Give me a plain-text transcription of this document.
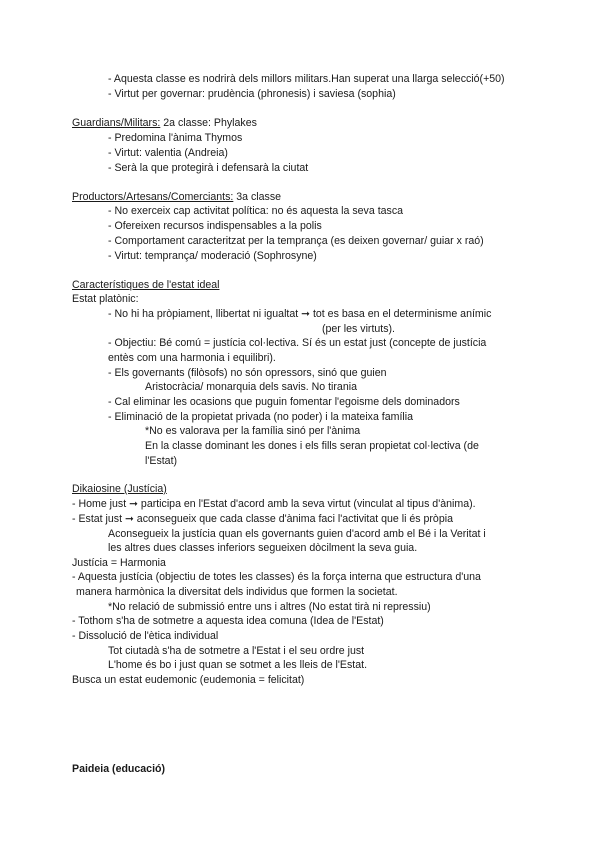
- Aquesta classe es nodrirà dels millors militars.Han superat una llarga selecció(+50)
- Virtut per governar: prudència (phronesis) i saviesa (sophia)
Guardians/Militars: 2a classe: Phylakes
- Predomina l'ànima Thymos
- Virtut: valentia (Andreia)
- Serà la que protegirà i defensarà la ciutat
Productors/Artesans/Comerciants: 3a classe
- No exerceix cap activitat política: no és aquesta la seva tasca
- Ofereixen recursos indispensables a la polis
- Comportament caracteritzat per la temprança (es deixen governar/ guiar x raó)
- Virtut: temprança/ moderació (Sophrosyne)
Característiques de l'estat ideal
Estat platònic:
- No hi ha pròpiament, llibertat ni igualtat ➞ tot es basa en el determinisme anímic
(per les virtuts).
- Objectiu: Bé comú = justícia col·lectiva. Sí és un estat just (concepte de justícia
entès com una harmonia i equilibri).
- Els governants (filòsofs) no són opressors, sinó que guien
Aristocràcia/ monarquia dels savis. No tirania
- Cal eliminar les ocasions que puguin fomentar l'egoisme dels dominadors
- Eliminació de la propietat privada (no poder) i la mateixa família
*No es valorava per la família sinó per l'ànima
En la classe dominant les dones i els fills seran propietat col·lectiva (de
l'Estat)
Dikaiosine (Justícia)
- Home just ➞ participa en l'Estat d'acord amb la seva virtut (vinculat al tipus d'ànima).
- Estat just ➞ aconsegueix que cada classe d'ànima faci l'activitat que li és pròpia
Aconsegueix la justícia quan els governants guien d'acord amb el Bé i la Veritat i
les altres dues classes inferiors segueixen dòcilment la seva guia.
Justícia = Harmonia
- Aquesta justícia (objectiu de totes les classes) és la força interna que estructura d'una
manera harmònica la diversitat dels individus que formen la societat.
*No relació de submissió entre uns i altres (No estat tirà ni repressiu)
- Tothom s'ha de sotmetre a aquesta idea comuna (Idea de l'Estat)
- Dissolució de l'ètica individual
Tot ciutadà s'ha de sotmetre a l'Estat i el seu ordre just
L'home és bo i just quan se sotmet a les lleis de l'Estat.
Busca un estat eudemonic (eudemonia = felicitat)
Paideia (educació)
